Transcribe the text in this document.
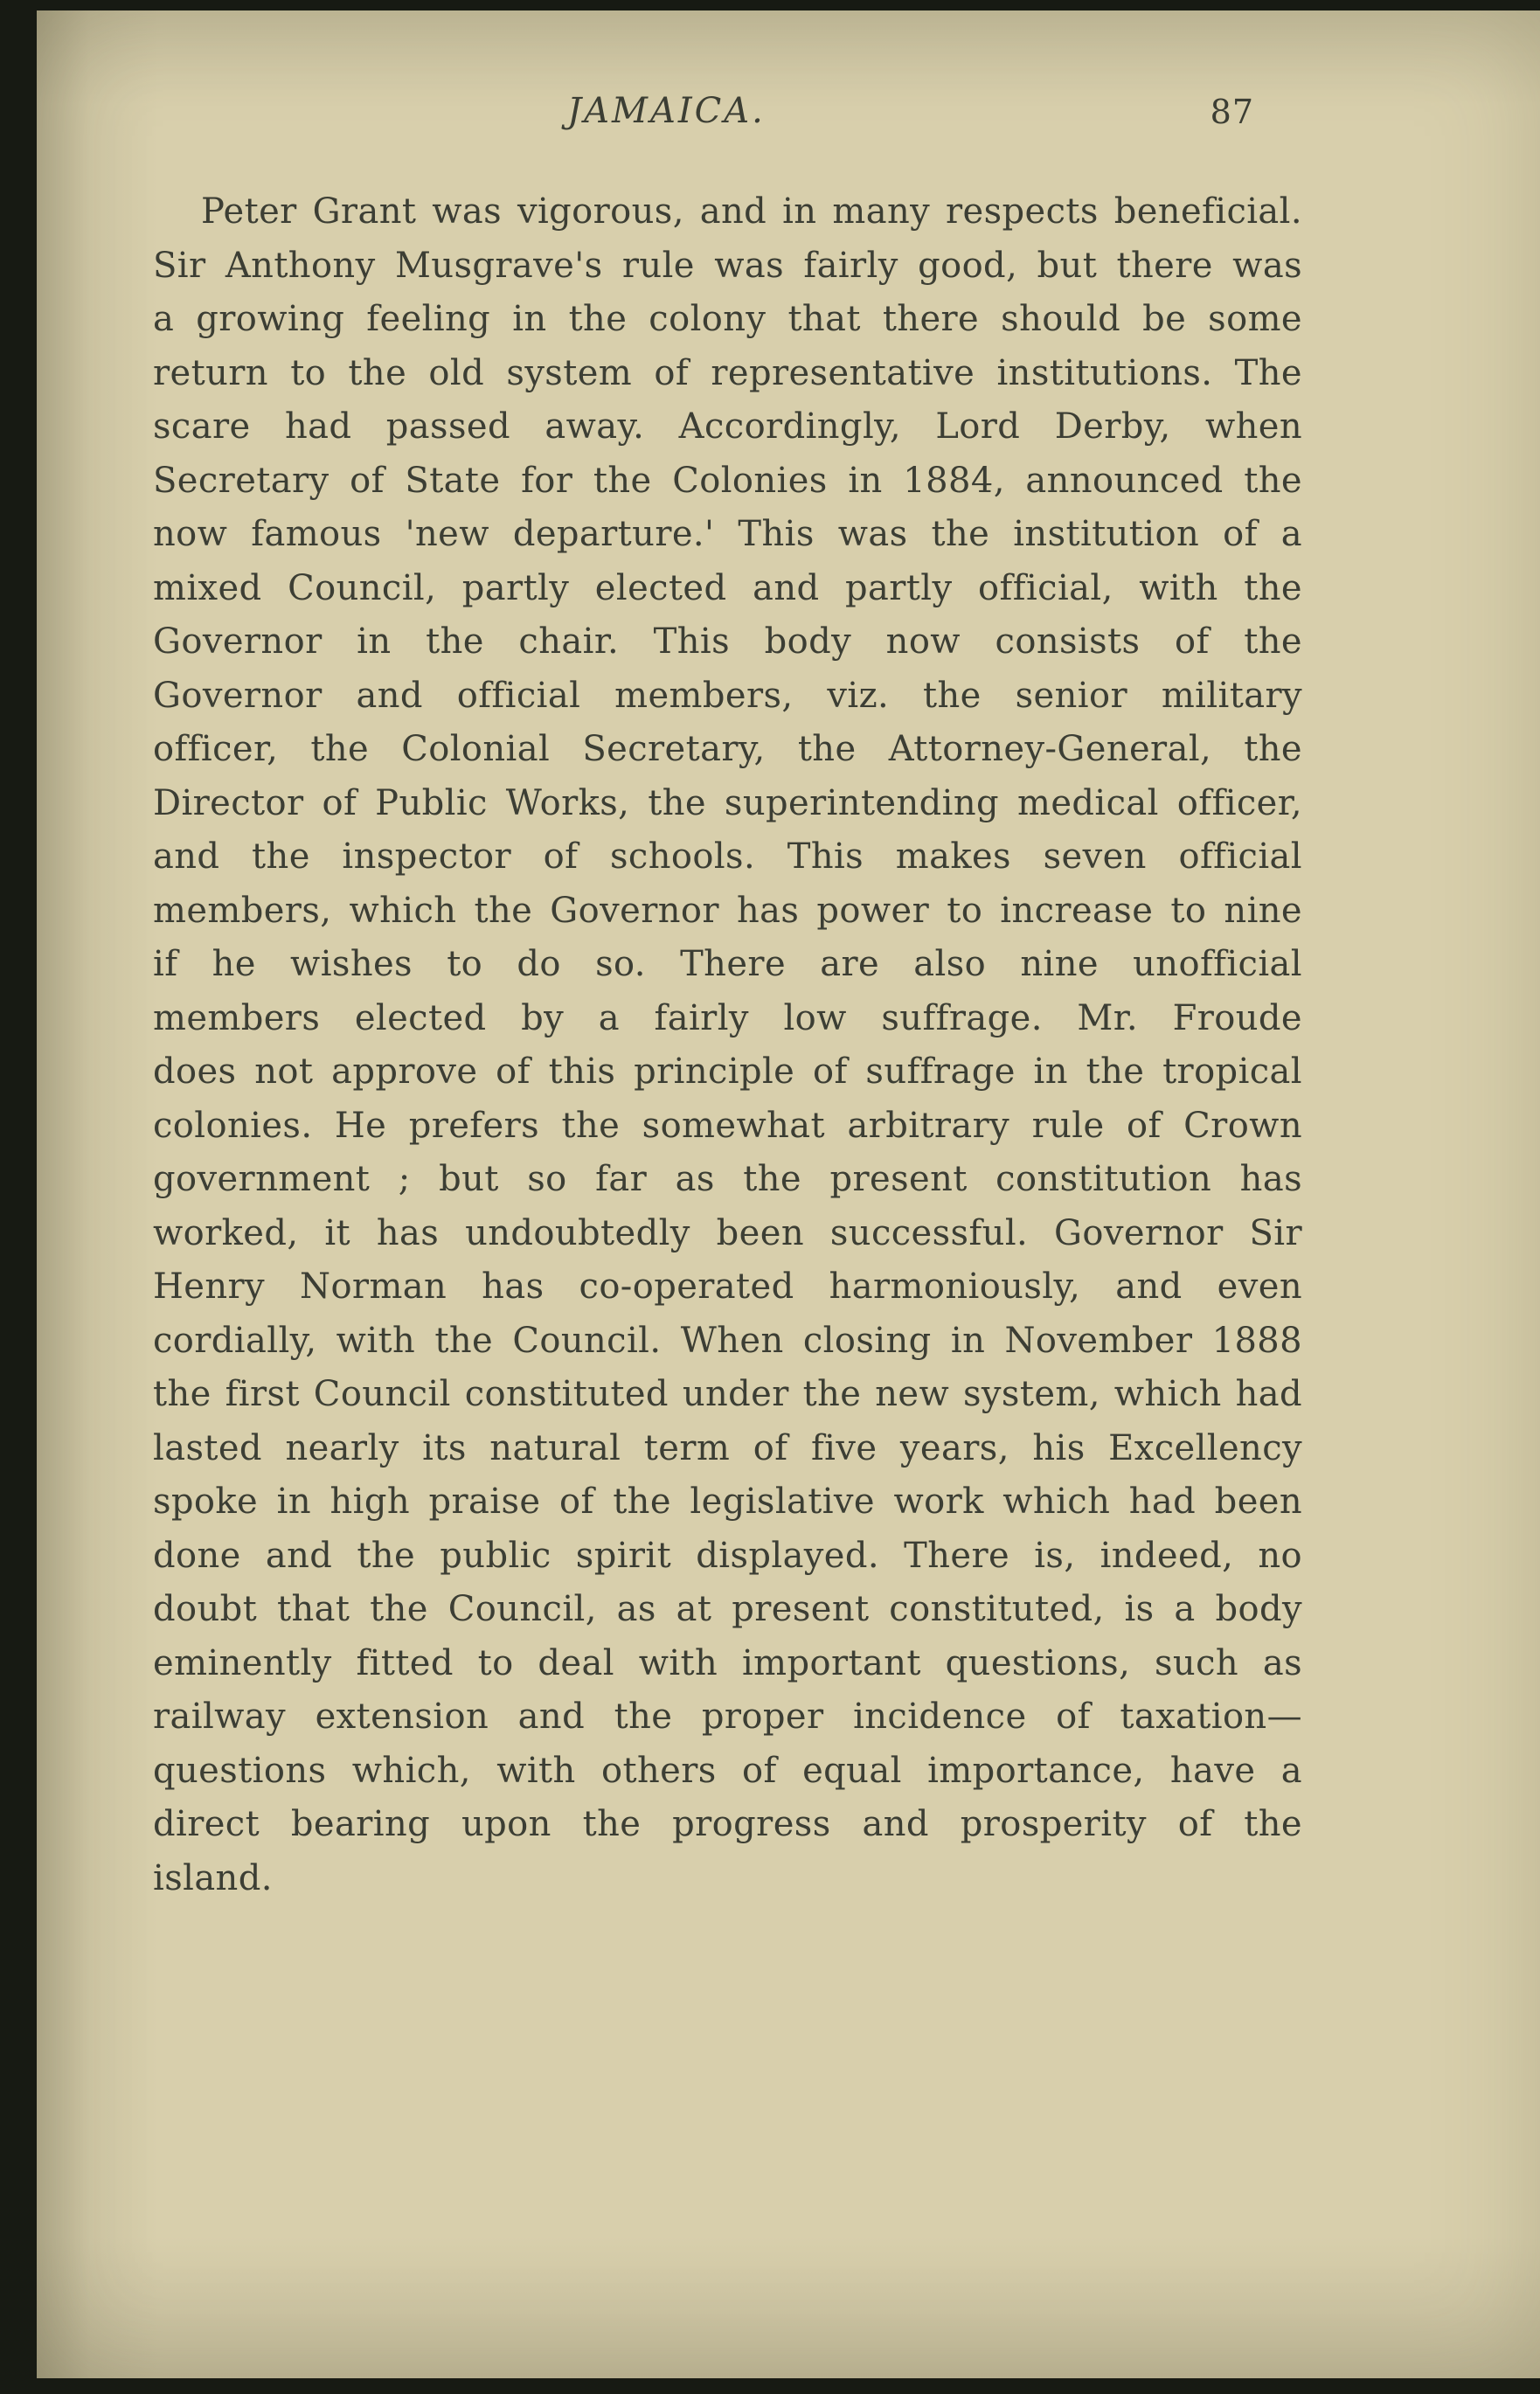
JAMAICA.	87
Peter Grant was vigorous, and in many respects beneficial.
Sir Anthony Musgrave's rule was fairly good, but there was
a growing feeling in the colony that there should be some
return to the old system of representative institutions. The
scare had passed away. Accordingly, Lord Derby, when
Secretary of State for the Colonies in 1884, announced the
now famous 'new departure.' This was the institution of a
mixed Council, partly elected and partly official, with the
Governor in the chair. This body now consists of the
Governor and official members, viz. the senior military
officer, the Colonial Secretary, the Attorney-General, the
Director of Public Works, the superintending medical officer,
and the inspector of schools. This makes seven official
members, which the Governor has power to increase to nine
if he wishes to do so. There are also nine unofficial
members elected by a fairly low suffrage. Mr. Froude
does not approve of this principle of suffrage in the tropical
colonies. He prefers the somewhat arbitrary rule of Crown
government ; but so far as the present constitution has
worked, it has undoubtedly been successful. Governor Sir
Henry Norman has co-operated harmoniously, and even
cordially, with the Council. When closing in November 1888
the first Council constituted under the new system, which had
lasted nearly its natural term of five years, his Excellency
spoke in high praise of the legislative work which had been
done and the public spirit displayed. There is, indeed, no
doubt that the Council, as at present constituted, is a body
eminently fitted to deal with important questions, such as
railway extension and the proper incidence of taxation—
questions which, with others of equal importance, have a
direct bearing upon the progress and prosperity of the
island.
